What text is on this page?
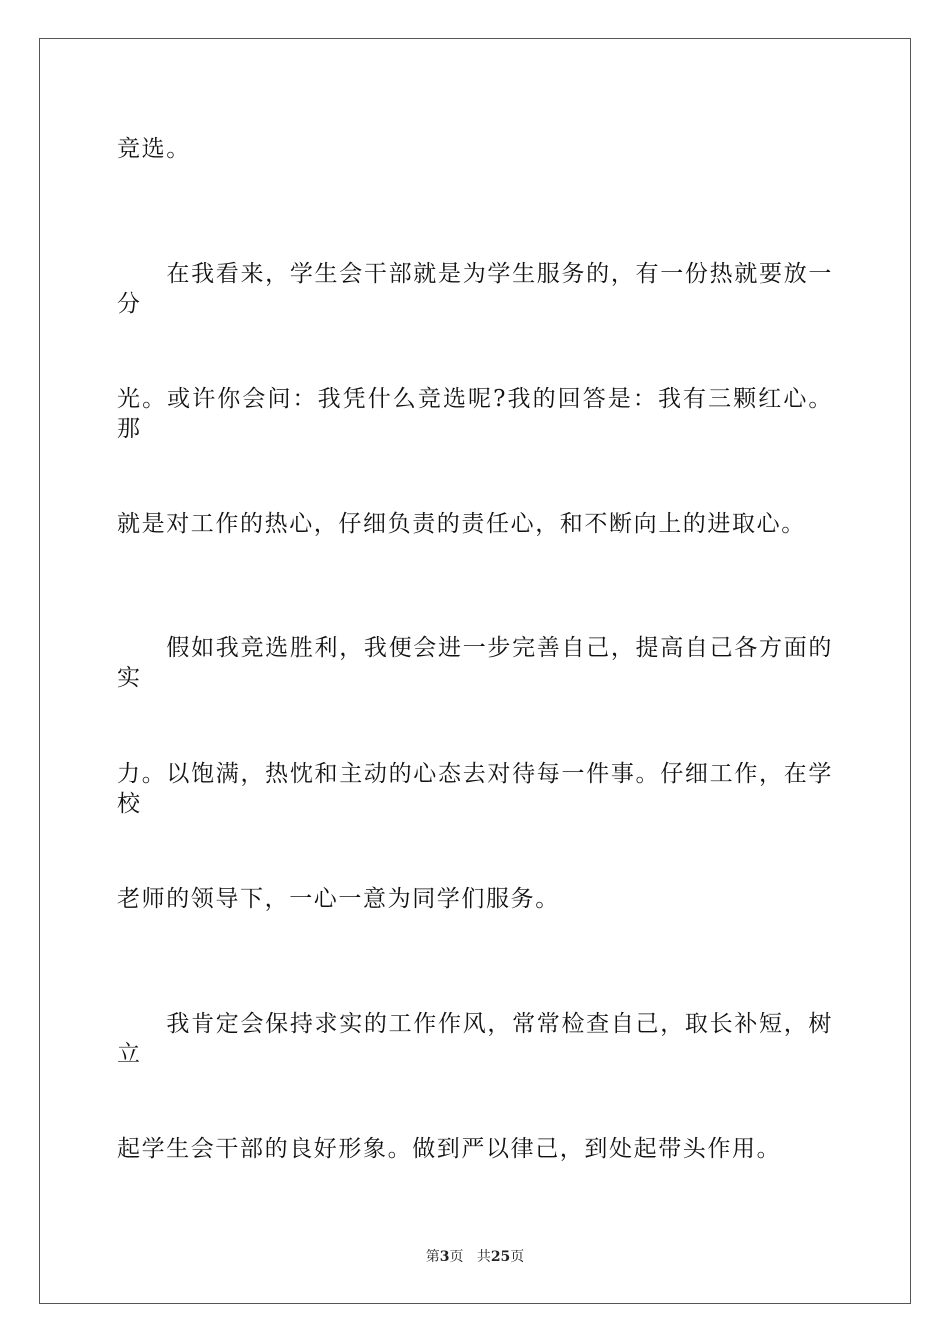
竞选。
　　在我看来，学生会干部就是为学生服务的，有一份热就要放一分
光。或许你会问：我凭什么竞选呢?我的回答是：我有三颗红心。那
就是对工作的热心，仔细负责的责任心，和不断向上的进取心。
　　假如我竞选胜利，我便会进一步完善自己，提高自己各方面的实
力。以饱满，热忱和主动的心态去对待每一件事。仔细工作，在学校
老师的领导下，一心一意为同学们服务。
　　我肯定会保持求实的工作作风，常常检查自己，取长补短，树立
起学生会干部的良好形象。做到严以律己，到处起带头作用。
第3页 共25页
